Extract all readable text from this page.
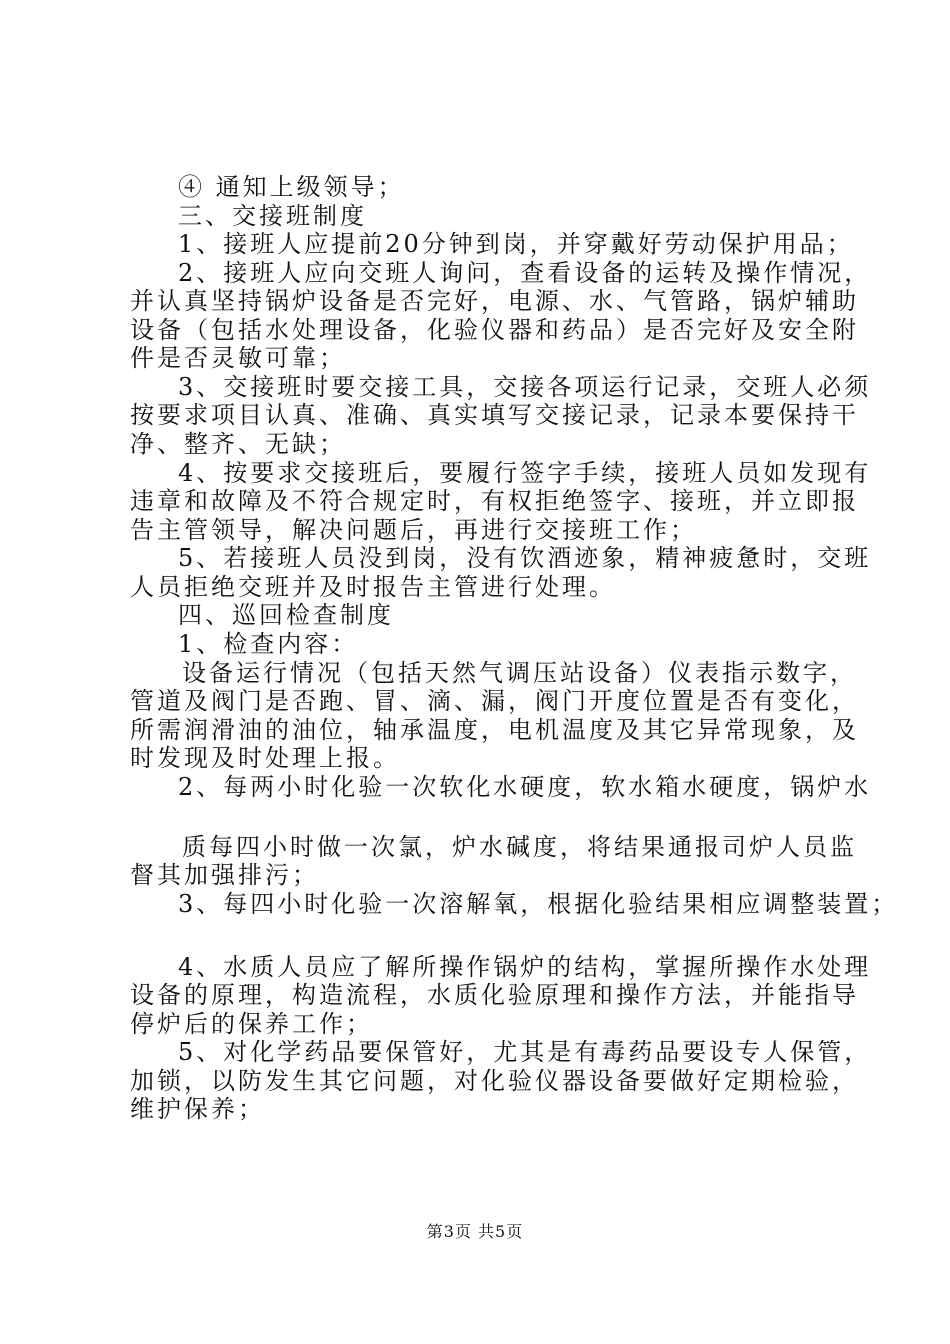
④ 通知上级领导；
三、交接班制度
1、接班人应提前20分钟到岗，并穿戴好劳动保护用品；
2、接班人应向交班人询问，查看设备的运转及操作情况，
并认真坚持锅炉设备是否完好，电源、水、气管路，锅炉辅助
设备（包括水处理设备，化验仪器和药品）是否完好及安全附
件是否灵敏可靠；
3、交接班时要交接工具，交接各项运行记录，交班人必须
按要求项目认真、准确、真实填写交接记录，记录本要保持干
净、整齐、无缺；
4、按要求交接班后，要履行签字手续，接班人员如发现有
违章和故障及不符合规定时，有权拒绝签字、接班，并立即报
告主管领导，解决问题后，再进行交接班工作；
5、若接班人员没到岗，没有饮酒迹象，精神疲惫时，交班
人员拒绝交班并及时报告主管进行处理。
四、巡回检查制度
1、检查内容：
设备运行情况（包括天然气调压站设备）仪表指示数字，
管道及阀门是否跑、冒、滴、漏，阀门开度位置是否有变化，
所需润滑油的油位，轴承温度，电机温度及其它异常现象，及
时发现及时处理上报。
2、每两小时化验一次软化水硬度，软水箱水硬度，锅炉水
质每四小时做一次氯，炉水碱度，将结果通报司炉人员监
督其加强排污；
3、每四小时化验一次溶解氧，根据化验结果相应调整装置；
4、水质人员应了解所操作锅炉的结构，掌握所操作水处理
设备的原理，构造流程，水质化验原理和操作方法，并能指导
停炉后的保养工作；
5、对化学药品要保管好，尤其是有毒药品要设专人保管，
加锁，以防发生其它问题，对化验仪器设备要做好定期检验，
维护保养；
第3页 共5页
